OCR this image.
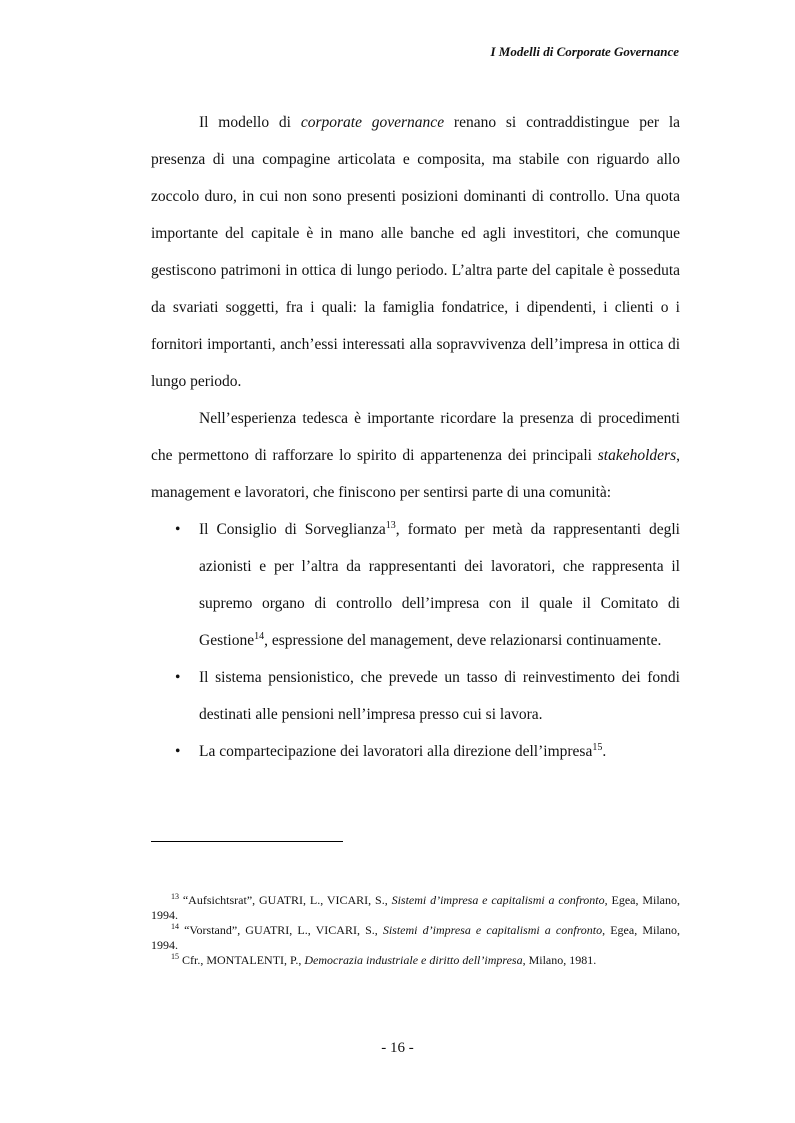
I Modelli di Corporate Governance

Il modello di corporate governance renano si contraddistingue per la presenza di una compagine articolata e composita, ma stabile con riguardo allo zoccolo duro, in cui non sono presenti posizioni dominanti di controllo. Una quota importante del capitale è in mano alle banche ed agli investitori, che comunque gestiscono patrimoni in ottica di lungo periodo. L’altra parte del capitale è posseduta da svariati soggetti, fra i quali: la famiglia fondatrice, i dipendenti, i clienti o i fornitori importanti, anch’essi interessati alla sopravvivenza dell’impresa in ottica di lungo periodo.

Nell’esperienza tedesca è importante ricordare la presenza di procedimenti che permettono di rafforzare lo spirito di appartenenza dei principali stakeholders, management e lavoratori, che finiscono per sentirsi parte di una comunità:

• Il Consiglio di Sorveglianza$^{13}$, formato per metà da rappresentanti degli azionisti e per l’altra da rappresentanti dei lavoratori, che rappresenta il supremo organo di controllo dell’impresa con il quale il Comitato di Gestione$^{14}$, espressione del management, deve relazionarsi continuamente.
• Il sistema pensionistico, che prevede un tasso di reinvestimento dei fondi destinati alle pensioni nell’impresa presso cui si lavora.
• La compartecipazione dei lavoratori alla direzione dell’impresa$^{15}$.

$^{13}$ “Aufsichtsrat”, GUATRI, L., VICARI, S., Sistemi d’impresa e capitalismi a confronto, Egea, Milano, 1994.

$^{14}$ “Vorstand”, GUATRI, L., VICARI, S., Sistemi d’impresa e capitalismi a confronto, Egea, Milano, 1994.

$^{15}$ Cfr., MONTALENTI, P., Democrazia industriale e diritto dell’impresa, Milano, 1981.

- 16 -
